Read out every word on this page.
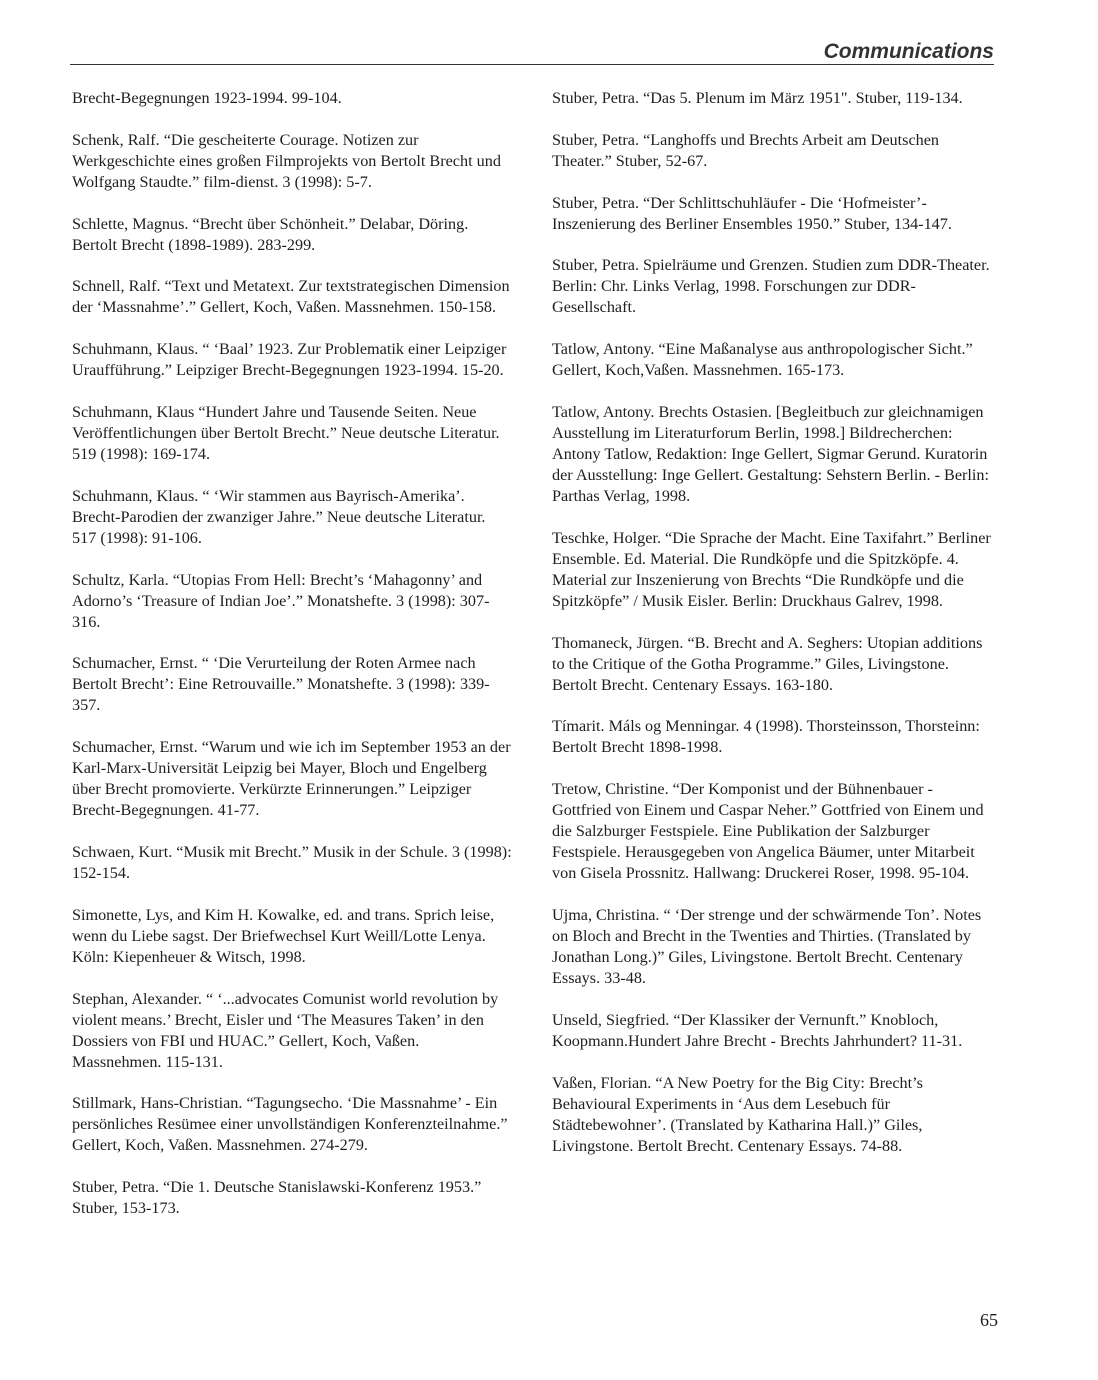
Communications

Brecht-Begegnungen 1923-1994. 99-104.

Schenk, Ralf. “Die gescheiterte Courage. Notizen zur Werkgeschichte eines großen Filmprojekts von Bertolt Brecht und Wolfgang Staudte.” film-dienst. 3 (1998): 5-7.

Schlette, Magnus. “Brecht über Schönheit.” Delabar, Döring. Bertolt Brecht (1898-1989). 283-299.

Schnell, Ralf. “Text und Metatext. Zur textstrategischen Dimension der ‘Massnahme’.” Gellert, Koch, Vaßen. Massnehmen. 150-158.

Schuhmann, Klaus. “ ‘Baal’ 1923. Zur Problematik einer Leipziger Uraufführung.” Leipziger Brecht-Begegnungen 1923-1994. 15-20.

Schuhmann, Klaus “Hundert Jahre und Tausende Seiten. Neue Veröffentlichungen über Bertolt Brecht.” Neue deutsche Literatur. 519 (1998): 169-174.

Schuhmann, Klaus. “ ‘Wir stammen aus Bayrisch-Amerika’. Brecht-Parodien der zwanziger Jahre.” Neue deutsche Literatur. 517 (1998): 91-106.

Schultz, Karla. “Utopias From Hell: Brecht’s ‘Mahagonny’ and Adorno’s ‘Treasure of Indian Joe’.” Monatshefte. 3 (1998): 307-316.

Schumacher, Ernst. “ ‘Die Verurteilung der Roten Armee nach Bertolt Brecht’: Eine Retrouvaille.” Monatshefte. 3 (1998): 339-357.

Schumacher, Ernst. “Warum und wie ich im September 1953 an der Karl-Marx-Universität Leipzig bei Mayer, Bloch und Engelberg über Brecht promovierte. Verkürzte Erinnerungen.” Leipziger Brecht-Begegnungen. 41-77.

Schwaen, Kurt. “Musik mit Brecht.” Musik in der Schule. 3 (1998): 152-154.

Simonette, Lys, and Kim H. Kowalke, ed. and trans. Sprich leise, wenn du Liebe sagst. Der Briefwechsel Kurt Weill/Lotte Lenya. Köln: Kiepenheuer & Witsch, 1998.

Stephan, Alexander. “ ‘...advocates Comunist world revolution by violent means.’ Brecht, Eisler und ‘The Measures Taken’ in den Dossiers von FBI und HUAC.” Gellert, Koch, Vaßen. Massnehmen. 115-131.

Stillmark, Hans-Christian. “Tagungsecho. ‘Die Massnahme’ - Ein persönliches Resümee einer unvollständigen Konferenzteilnahme.” Gellert, Koch, Vaßen. Massnehmen. 274-279.

Stuber, Petra. “Die 1. Deutsche Stanislawski-Konferenz 1953.” Stuber, 153-173.

Stuber, Petra. “Das 5. Plenum im März 1951". Stuber, 119-134.

Stuber, Petra. “Langhoffs und Brechts Arbeit am Deutschen Theater.” Stuber, 52-67.

Stuber, Petra. “Der Schlittschuhläufer - Die ‘Hofmeister’-Inszenierung des Berliner Ensembles 1950.” Stuber, 134-147.

Stuber, Petra. Spielräume und Grenzen. Studien zum DDR-Theater. Berlin: Chr. Links Verlag, 1998. Forschungen zur DDR-Gesellschaft.

Tatlow, Antony. “Eine Maßanalyse aus anthropologischer Sicht.” Gellert, Koch,Vaßen. Massnehmen. 165-173.

Tatlow, Antony. Brechts Ostasien. [Begleitbuch zur gleichnamigen Ausstellung im Literaturforum Berlin, 1998.] Bildrecherchen: Antony Tatlow, Redaktion: Inge Gellert, Sigmar Gerund. Kuratorin der Ausstellung: Inge Gellert. Gestaltung: Sehstern Berlin. - Berlin: Parthas Verlag, 1998.

Teschke, Holger. “Die Sprache der Macht. Eine Taxifahrt.” Berliner Ensemble. Ed. Material. Die Rundköpfe und die Spitzköpfe. 4. Material zur Inszenierung von Brechts “Die Rundköpfe und die Spitzköpfe” / Musik Eisler. Berlin: Druckhaus Galrev, 1998.

Thomaneck, Jürgen. “B. Brecht and A. Seghers: Utopian additions to the Critique of the Gotha Programme.” Giles, Livingstone. Bertolt Brecht. Centenary Essays. 163-180.

Tímarit. Máls og Menningar. 4 (1998). Thorsteinsson, Thorsteinn: Bertolt Brecht 1898-1998.

Tretow, Christine. “Der Komponist und der Bühnenbauer - Gottfried von Einem und Caspar Neher.” Gottfried von Einem und die Salzburger Festspiele. Eine Publikation der Salzburger Festspiele. Herausgegeben von Angelica Bäumer, unter Mitarbeit von Gisela Prossnitz. Hallwang: Druckerei Roser, 1998. 95-104.

Ujma, Christina. “ ‘Der strenge und der schwärmende Ton’. Notes on Bloch and Brecht in the Twenties and Thirties. (Translated by Jonathan Long.)” Giles, Livingstone. Bertolt Brecht. Centenary Essays. 33-48.

Unseld, Siegfried. “Der Klassiker der Vernunft.” Knobloch, Koopmann.Hundert Jahre Brecht - Brechts Jahrhundert? 11-31.

Vaßen, Florian. “A New Poetry for the Big City: Brecht’s Behavioural Experiments in ‘Aus dem Lesebuch für Städtebewohner’. (Translated by Katharina Hall.)” Giles, Livingstone. Bertolt Brecht. Centenary Essays. 74-88.

65
